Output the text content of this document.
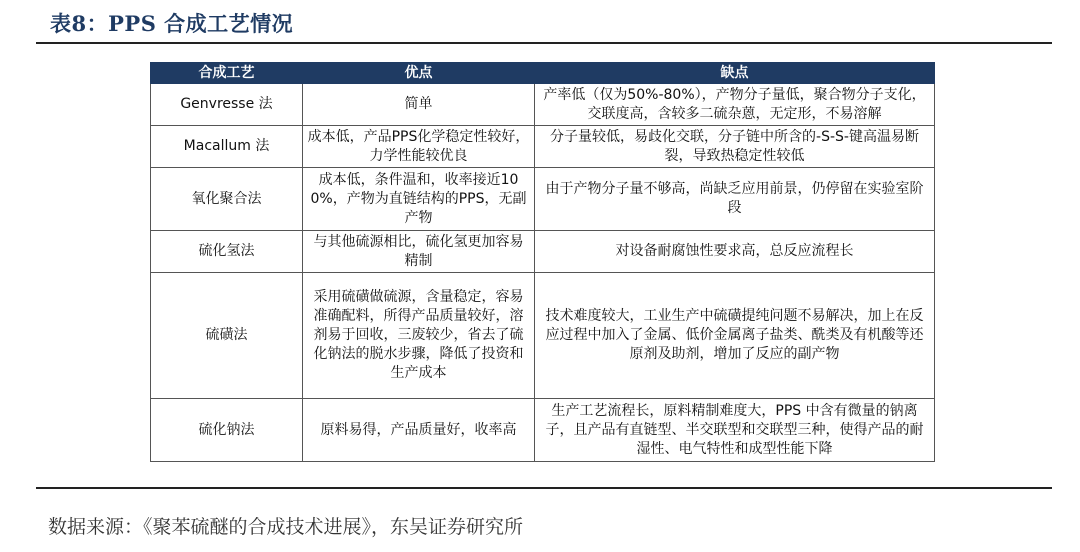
表8：PPS 合成工艺情况
合成工艺	优点	缺点
Genvresse 法	简单	产率低（仅为50%-80%），产物分子量低，聚合物分子支化，交联度高，含较多二硫杂蒽，无定形，不易溶解
Macallum 法	成本低，产品PPS化学稳定性较好，力学性能较优良	分子量较低，易歧化交联，分子链中所含的-S-S-键高温易断裂，导致热稳定性较低
氧化聚合法	成本低，条件温和，收率接近100%，产物为直链结构的PPS，无副产物	由于产物分子量不够高，尚缺乏应用前景，仍停留在实验室阶段
硫化氢法	与其他硫源相比，硫化氢更加容易精制	对设备耐腐蚀性要求高，总反应流程长
硫磺法	采用硫磺做硫源，含量稳定，容易准确配料，所得产品质量较好，溶剂易于回收，三废较少，省去了硫化钠法的脱水步骤，降低了投资和生产成本	技术难度较大，工业生产中硫磺提纯问题不易解决，加上在反应过程中加入了金属、低价金属离子盐类、酰类及有机酸等还原剂及助剂，增加了反应的副产物
硫化钠法	原料易得，产品质量好，收率高	生产工艺流程长，原料精制难度大，PPS 中含有微量的钠离子，且产品有直链型、半交联型和交联型三种，使得产品的耐湿性、电气特性和成型性能下降
数据来源：《聚苯硫醚的合成技术进展》，东吴证券研究所
